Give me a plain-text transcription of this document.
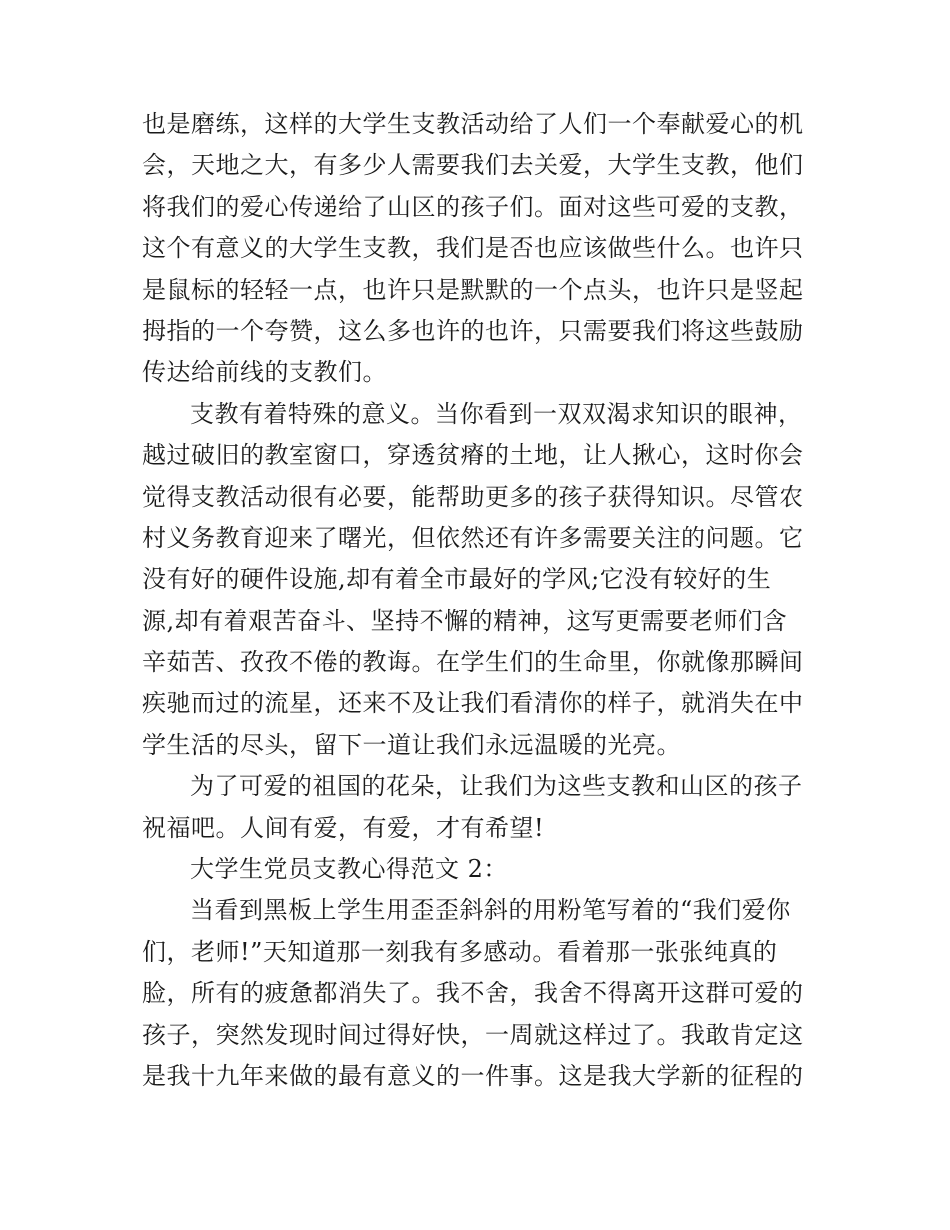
也是磨练，这样的大学生支教活动给了人们一个奉献爱心的机
会，天地之大，有多少人需要我们去关爱，大学生支教，他们
将我们的爱心传递给了山区的孩子们。面对这些可爱的支教，
这个有意义的大学生支教，我们是否也应该做些什么。也许只
是鼠标的轻轻一点，也许只是默默的一个点头，也许只是竖起
拇指的一个夸赞，这么多也许的也许，只需要我们将这些鼓励
传达给前线的支教们。
支教有着特殊的意义。当你看到一双双渴求知识的眼神，
越过破旧的教室窗口，穿透贫瘠的土地，让人揪心，这时你会
觉得支教活动很有必要，能帮助更多的孩子获得知识。尽管农
村义务教育迎来了曙光，但依然还有许多需要关注的问题。它
没有好的硬件设施,却有着全市最好的学风;它没有较好的生
源,却有着艰苦奋斗、坚持不懈的精神，这写更需要老师们含
辛茹苦、孜孜不倦的教诲。在学生们的生命里，你就像那瞬间
疾驰而过的流星，还来不及让我们看清你的样子，就消失在中
学生活的尽头，留下一道让我们永远温暖的光亮。
为了可爱的祖国的花朵，让我们为这些支教和山区的孩子
祝福吧。人间有爱，有爱，才有希望!
大学生党员支教心得范文 2：
当看到黑板上学生用歪歪斜斜的用粉笔写着的“我们爱你
们，老师!”天知道那一刻我有多感动。看着那一张张纯真的
脸，所有的疲惫都消失了。我不舍，我舍不得离开这群可爱的
孩子，突然发现时间过得好快，一周就这样过了。我敢肯定这
是我十九年来做的最有意义的一件事。这是我大学新的征程的
